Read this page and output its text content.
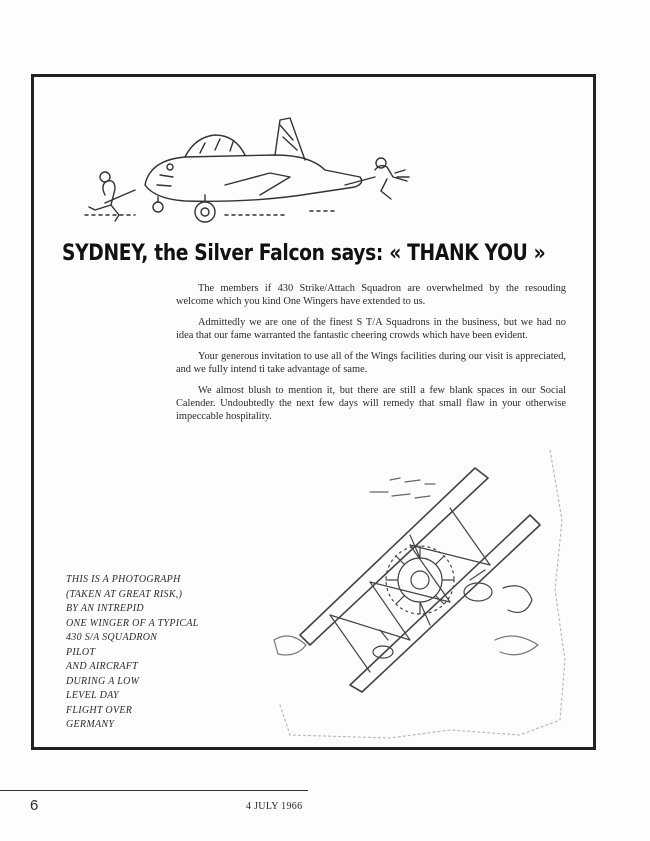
SYDNEY, the Silver Falcon says: « THANK YOU »

The members if 430 Strike/Attach Squadron are overwhelmed by the resouding welcome which you kind One Wingers have extended to us.

Admittedly we are one of the finest S T/A Squadrons in the business, but we had no idea that our fame warranted the fantastic cheering crowds which have been evident.

Your generous invitation to use all of the Wings facilities during our visit is appreciated, and we fully intend ti take advantage of same.

We almost blush to mention it, but there are still a few blank spaces in our Social Calender. Undoubtedly the next few days will remedy that small flaw in your otherwise impeccable hospitality.

THIS IS A PHOTOGRAPH
(TAKEN AT GREAT RISK,)
BY AN INTREPID
ONE WINGER OF A TYPICAL
430 S/A SQUADRON
PILOT
AND AIRCRAFT
DURING A LOW
LEVEL DAY
FLIGHT OVER
GERMANY
6	4 JULY 1966
